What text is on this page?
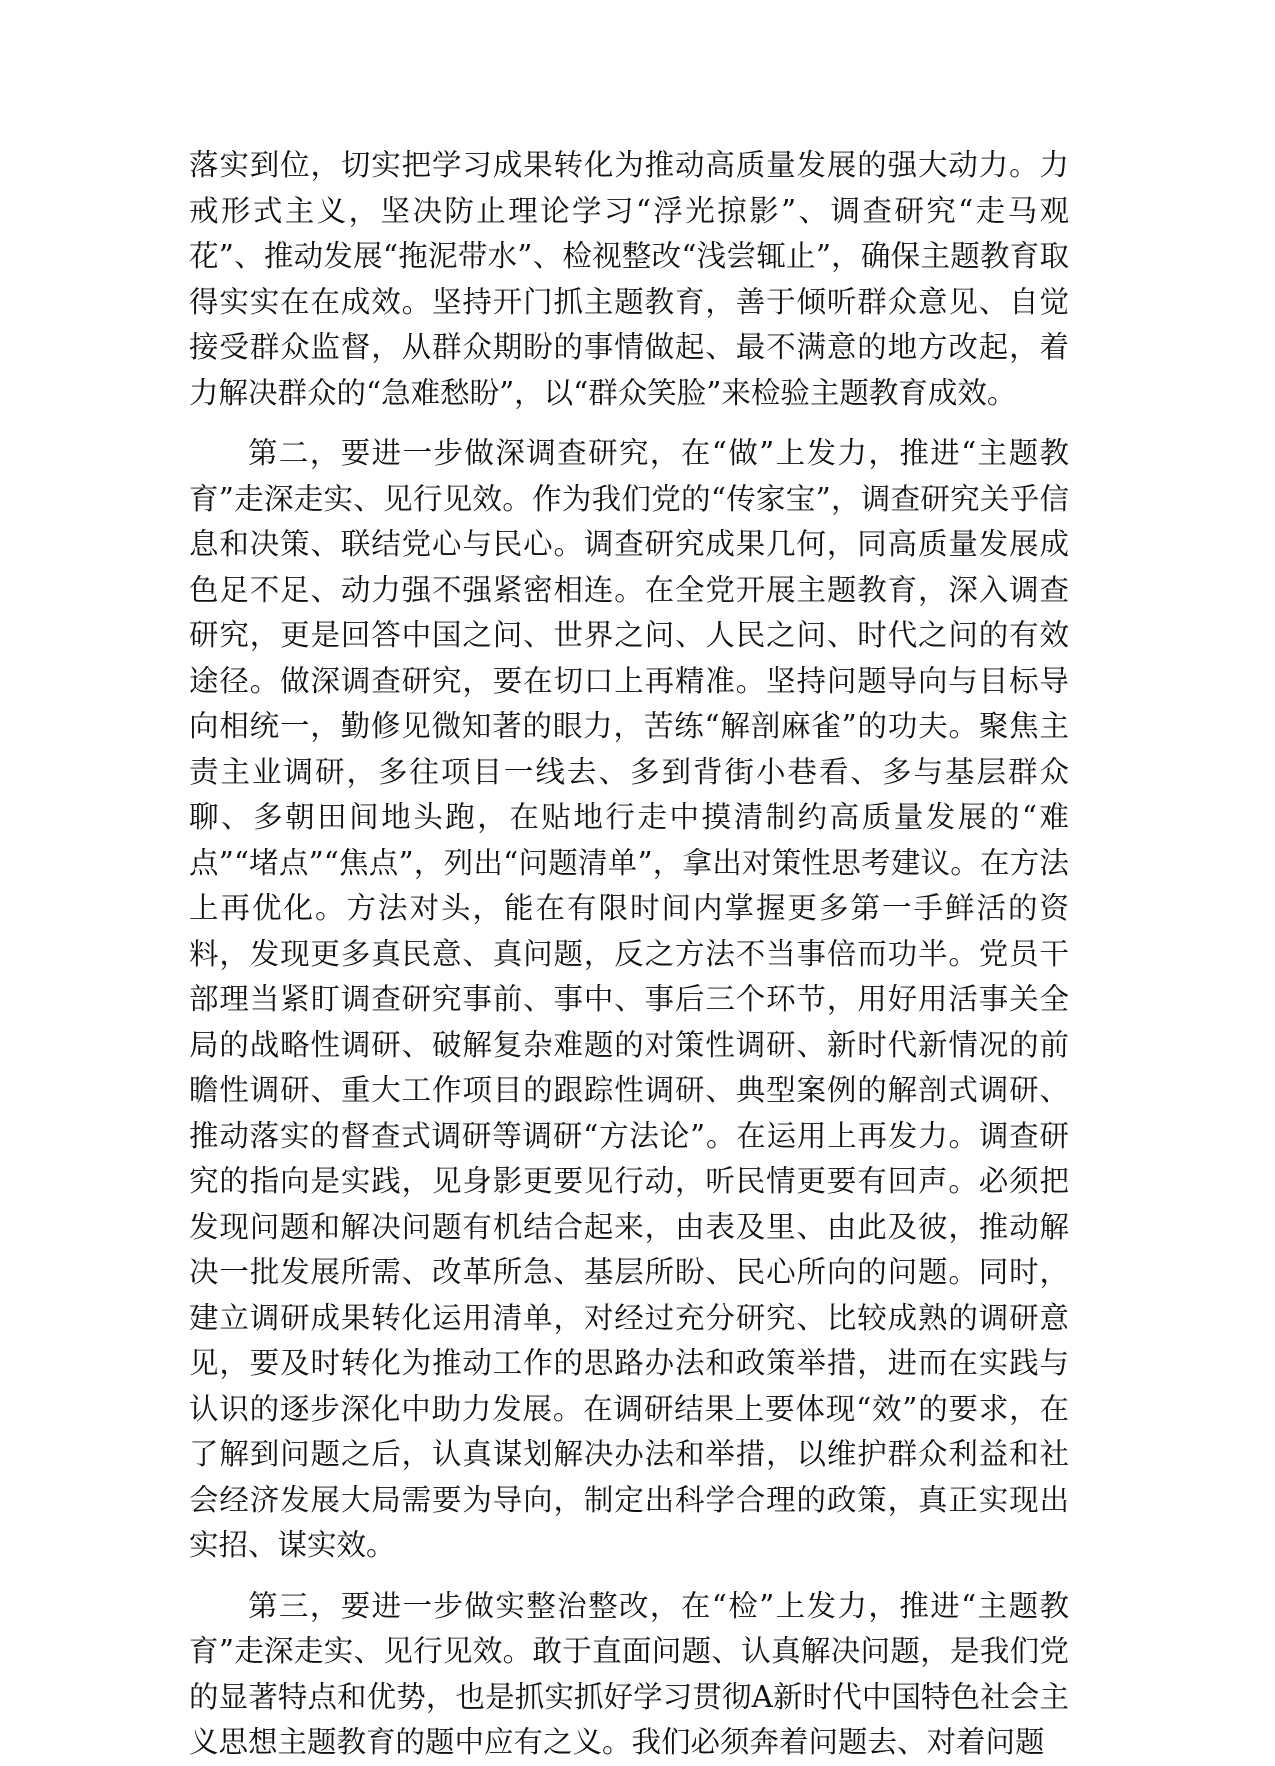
落实到位，切实把学习成果转化为推动高质量发展的强大动力。力戒形式主义，坚决防止理论学习“浮光掠影”、调查研究“走马观花”、推动发展“拖泥带水”、检视整改“浅尝辄止”，确保主题教育取得实实在在成效。坚持开门抓主题教育，善于倾听群众意见、自觉接受群众监督，从群众期盼的事情做起、最不满意的地方改起，着力解决群众的“急难愁盼”，以“群众笑脸”来检验主题教育成效。

第二，要进一步做深调查研究，在“做”上发力，推进“主题教育”走深走实、见行见效。作为我们党的“传家宝”，调查研究关乎信息和决策、联结党心与民心。调查研究成果几何，同高质量发展成色足不足、动力强不强紧密相连。在全党开展主题教育，深入调查研究，更是回答中国之问、世界之问、人民之问、时代之问的有效途径。做深调查研究，要在切口上再精准。坚持问题导向与目标导向相统一，勤修见微知著的眼力，苦练“解剖麻雀”的功夫。聚焦主责主业调研，多往项目一线去、多到背街小巷看、多与基层群众聊、多朝田间地头跑，在贴地行走中摸清制约高质量发展的“难点”“堵点”“焦点”，列出“问题清单”，拿出对策性思考建议。在方法上再优化。方法对头，能在有限时间内掌握更多第一手鲜活的资料，发现更多真民意、真问题，反之方法不当事倍而功半。党员干部理当紧盯调查研究事前、事中、事后三个环节，用好用活事关全局的战略性调研、破解复杂难题的对策性调研、新时代新情况的前瞻性调研、重大工作项目的跟踪性调研、典型案例的解剖式调研、推动落实的督查式调研等调研“方法论”。在运用上再发力。调查研究的指向是实践，见身影更要见行动，听民情更要有回声。必须把发现问题和解决问题有机结合起来，由表及里、由此及彼，推动解决一批发展所需、改革所急、基层所盼、民心所向的问题。同时，建立调研成果转化运用清单，对经过充分研究、比较成熟的调研意见，要及时转化为推动工作的思路办法和政策举措，进而在实践与认识的逐步深化中助力发展。在调研结果上要体现“效”的要求，在了解到问题之后，认真谋划解决办法和举措，以维护群众利益和社会经济发展大局需要为导向，制定出科学合理的政策，真正实现出实招、谋实效。

第三，要进一步做实整治整改，在“检”上发力，推进“主题教育”走深走实、见行见效。敢于直面问题、认真解决问题，是我们党的显著特点和优势，也是抓实抓好学习贯彻A新时代中国特色社会主义思想主题教育的题中应有之义。我们必须奔着问题去、对着问题
